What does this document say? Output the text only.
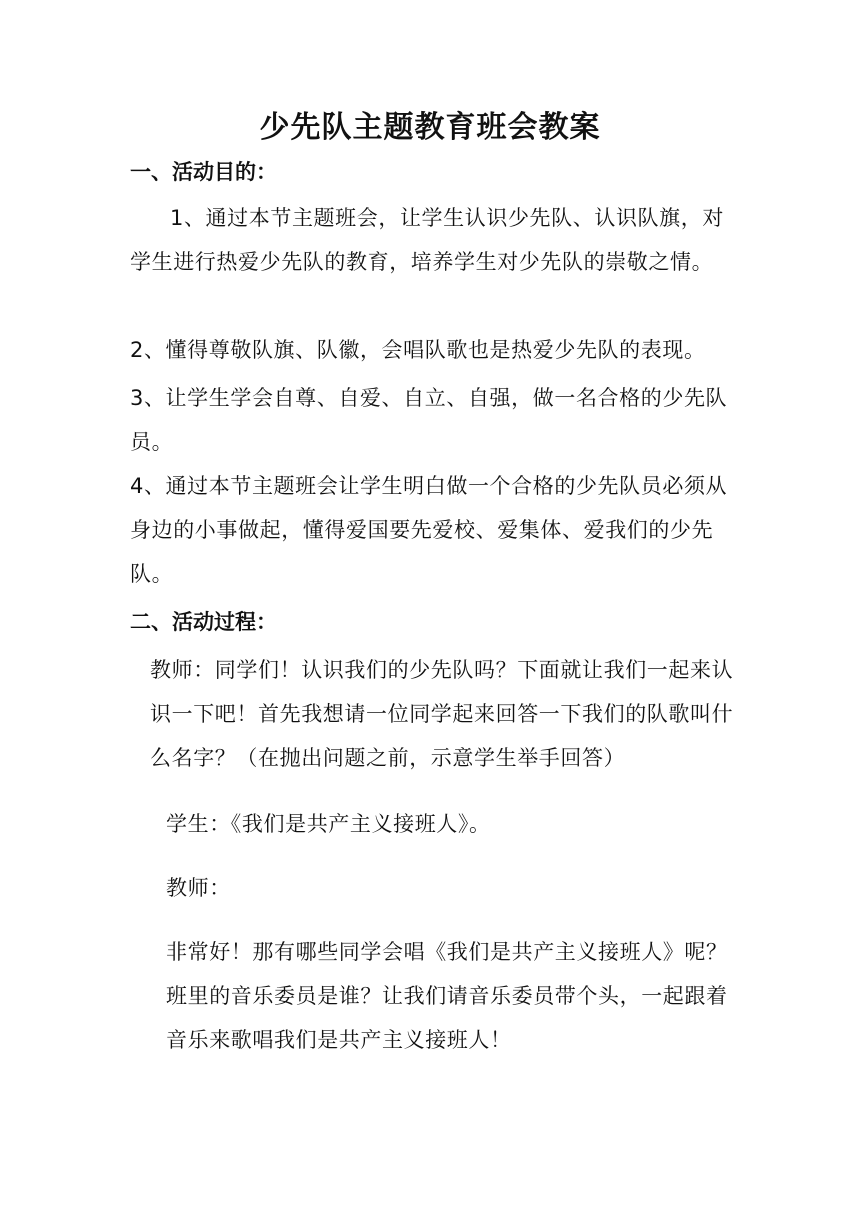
少先队主题教育班会教案
一、活动目的：

1、通过本节主题班会，让学生认识少先队、认识队旗，对学生进行热爱少先队的教育，培养学生对少先队的崇敬之情。

2、懂得尊敬队旗、队徽，会唱队歌也是热爱少先队的表现。

3、让学生学会自尊、自爱、自立、自强，做一名合格的少先队员。

4、通过本节主题班会让学生明白做一个合格的少先队员必须从身边的小事做起，懂得爱国要先爱校、爱集体、爱我们的少先队。

二、活动过程：

教师：同学们！认识我们的少先队吗？下面就让我们一起来认识一下吧！首先我想请一位同学起来回答一下我们的队歌叫什么名字？（在抛出问题之前，示意学生举手回答）

学生：《我们是共产主义接班人》。

教师：

非常好！那有哪些同学会唱《我们是共产主义接班人》呢？班里的音乐委员是谁？让我们请音乐委员带个头，一起跟着音乐来歌唱我们是共产主义接班人！
